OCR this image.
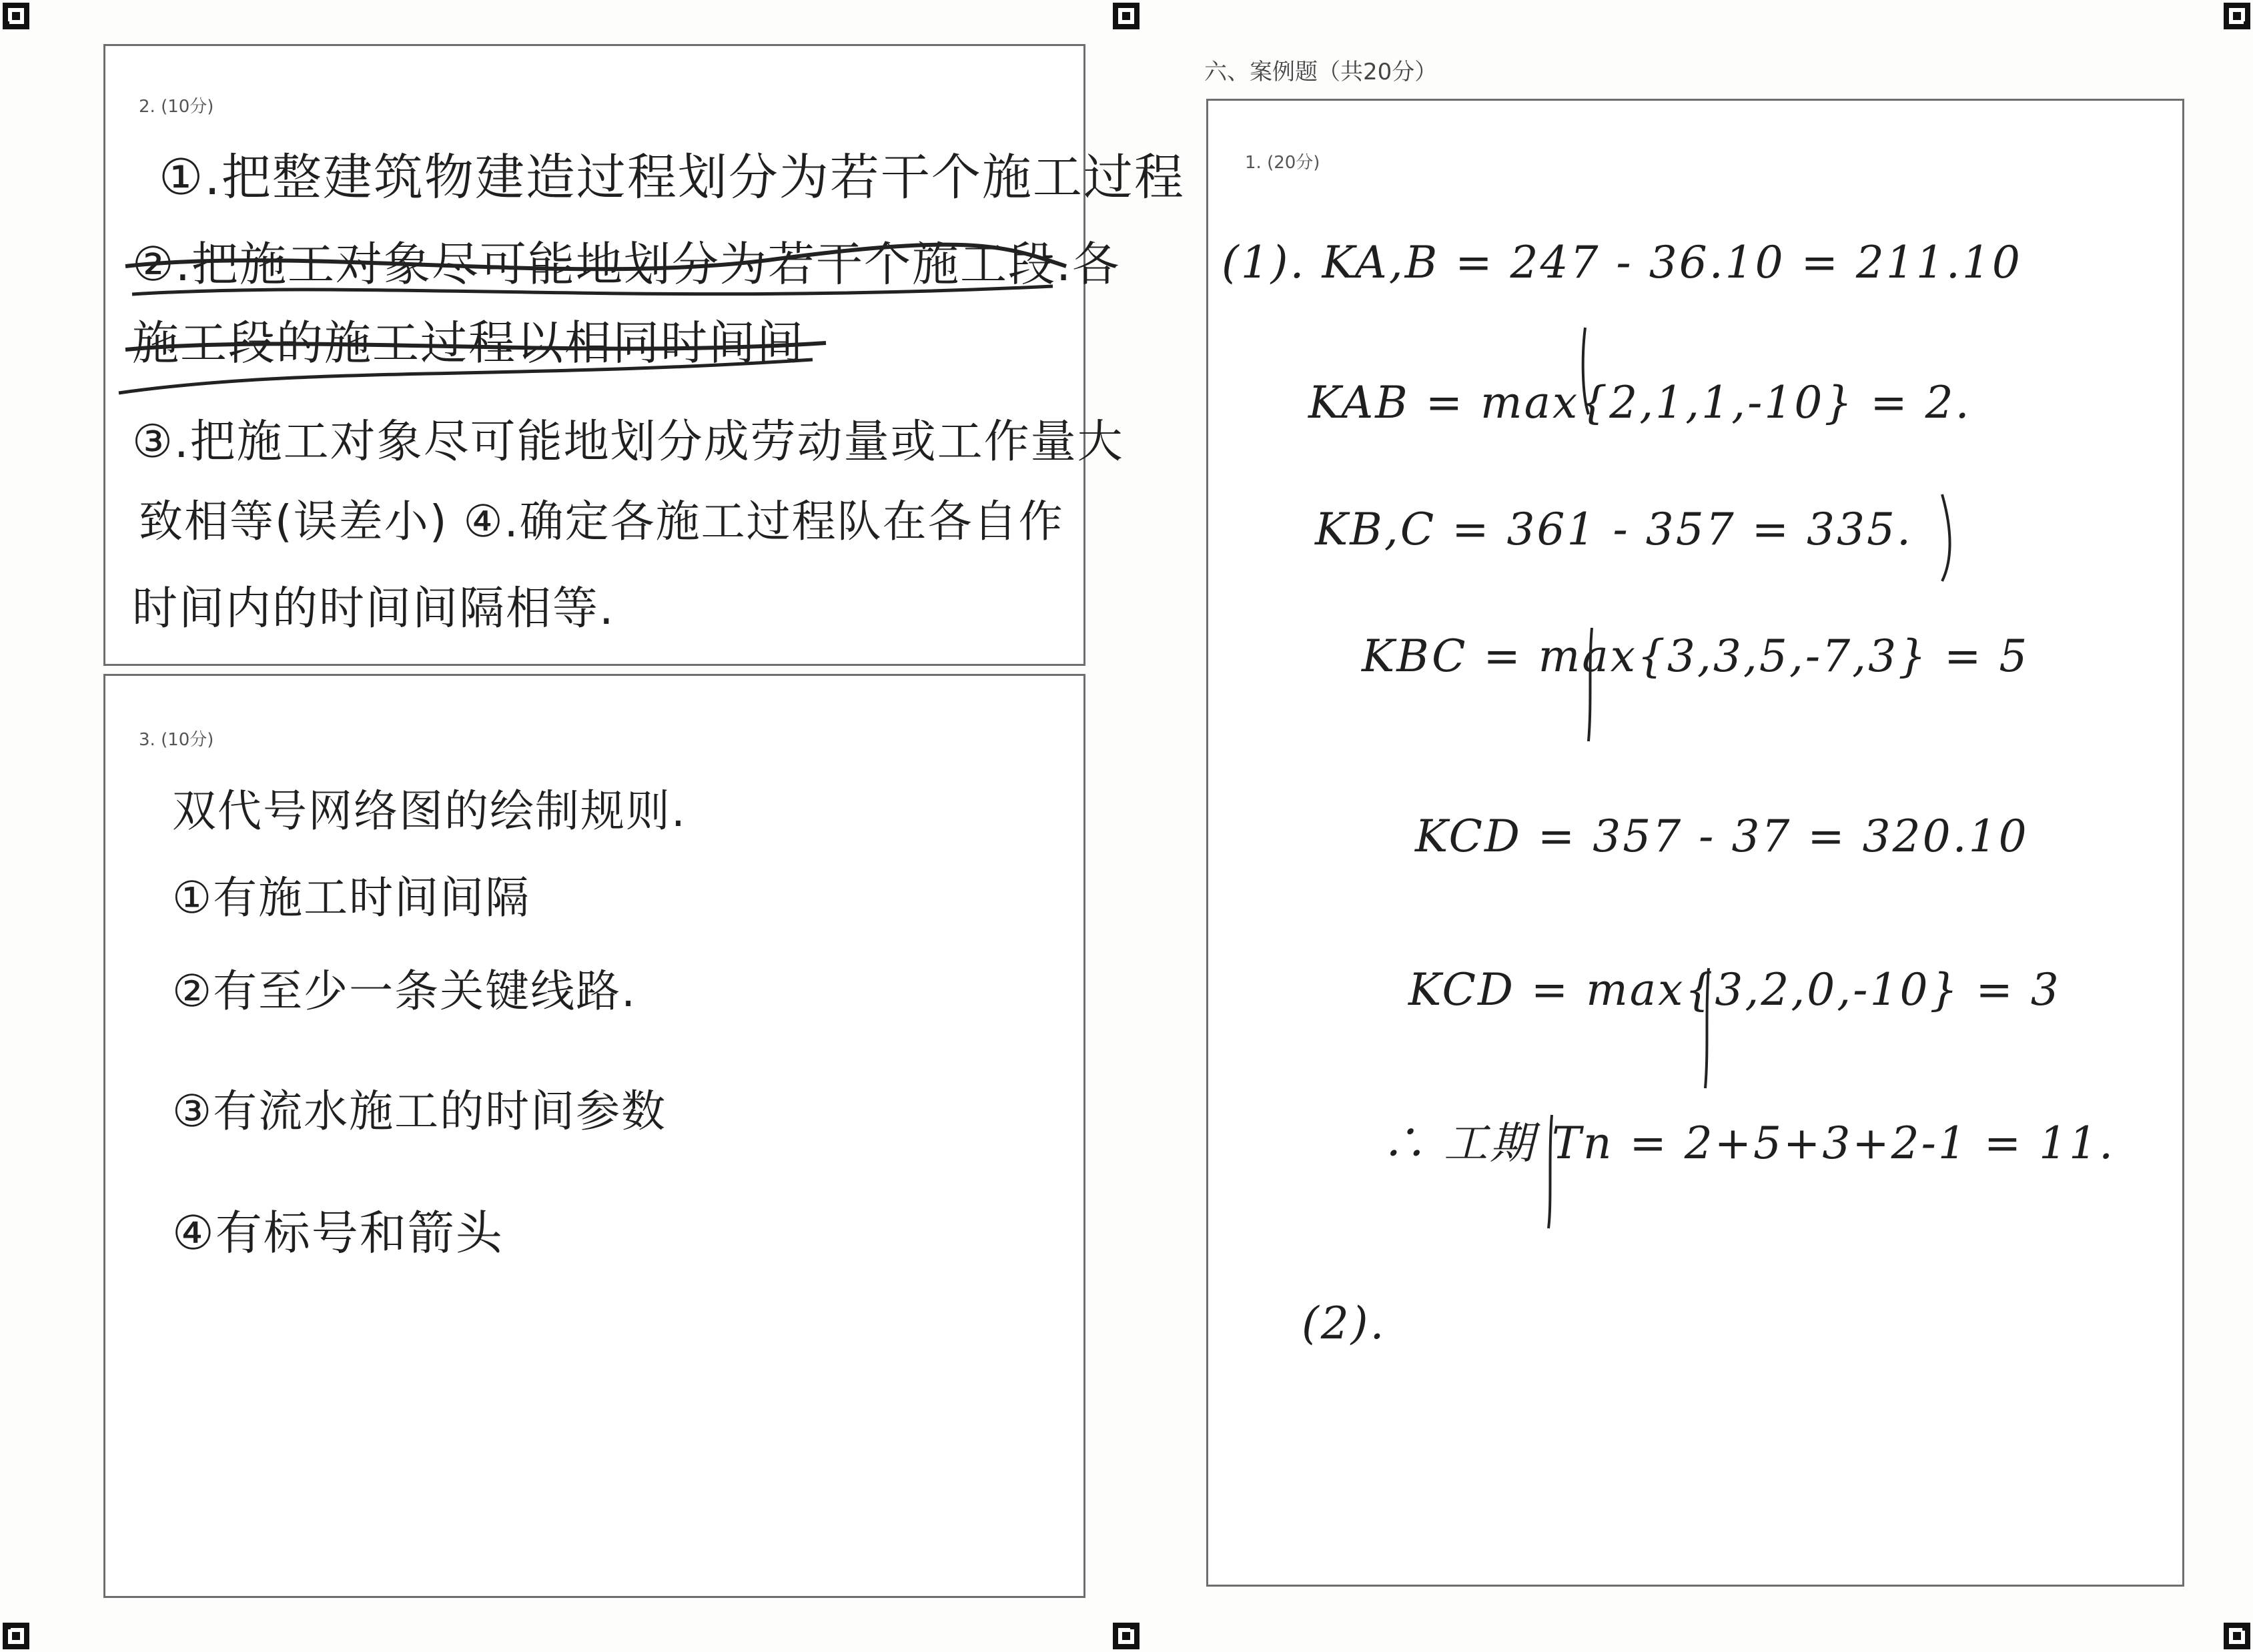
2. (10分)
①.把整建筑物建造过程划分为若干个施工过程
②.把施工对象尽可能地划分为若干个施工段.各
施工段的施工过程以相同时间间
③.把施工对象尽可能地划分成劳动量或工作量大
致相等(误差小) ④.确定各施工过程队在各自作
时间内的时间间隔相等.
3. (10分)
双代号网络图的绘制规则.
①有施工时间间隔
②有至少一条关键线路.
③有流水施工的时间参数
④有标号和箭头
六、案例题（共20分）
1. (20分)
(1). KA,B = 247 - 36.10 = 211.10
KAB = max{2,1,1,-10} = 2.
KB,C = 361 - 357 = 335.
KBC = max{3,3,5,-7,3} = 5
KCD = 357 - 37 = 320.10
KCD = max{3,2,0,-10} = 3
∴ 工期 Tn = 2+5+3+2-1 = 11.
(2).
